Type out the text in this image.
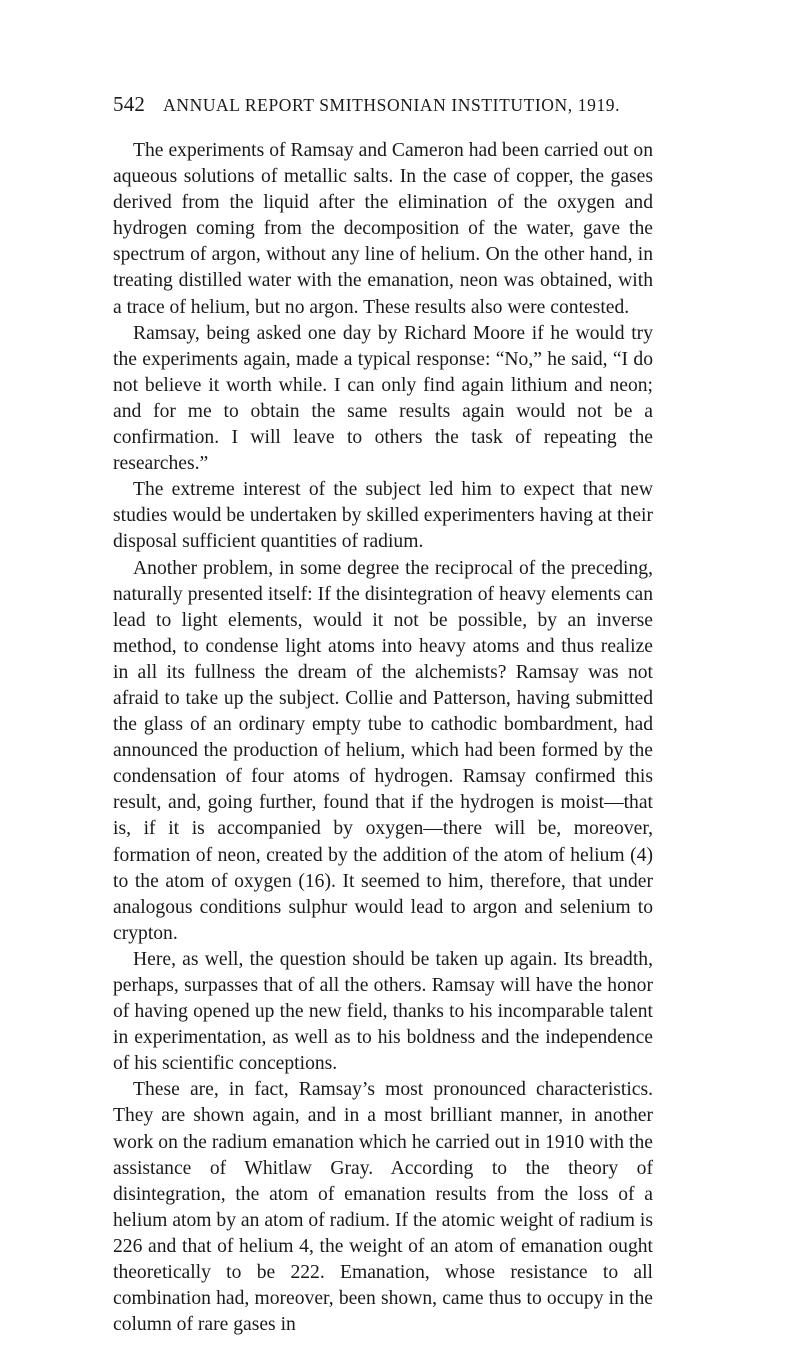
542 ANNUAL REPORT SMITHSONIAN INSTITUTION, 1919.

The experiments of Ramsay and Cameron had been carried out on aqueous solutions of metallic salts. In the case of copper, the gases derived from the liquid after the elimination of the oxygen and hydrogen coming from the decomposition of the water, gave the spectrum of argon, without any line of helium. On the other hand, in treating distilled water with the emanation, neon was obtained, with a trace of helium, but no argon. These results also were contested.

Ramsay, being asked one day by Richard Moore if he would try the experiments again, made a typical response: “No,” he said, “I do not believe it worth while. I can only find again lithium and neon; and for me to obtain the same results again would not be a confirmation. I will leave to others the task of repeating the researches.”

The extreme interest of the subject led him to expect that new studies would be undertaken by skilled experimenters having at their disposal sufficient quantities of radium.

Another problem, in some degree the reciprocal of the preceding, naturally presented itself: If the disintegration of heavy elements can lead to light elements, would it not be possible, by an inverse method, to condense light atoms into heavy atoms and thus realize in all its fullness the dream of the alchemists? Ramsay was not afraid to take up the subject. Collie and Patterson, having submitted the glass of an ordinary empty tube to cathodic bombardment, had announced the production of helium, which had been formed by the condensation of four atoms of hydrogen. Ramsay confirmed this result, and, going further, found that if the hydrogen is moist—that is, if it is accompanied by oxygen—there will be, moreover, formation of neon, created by the addition of the atom of helium (4) to the atom of oxygen (16). It seemed to him, therefore, that under analogous conditions sulphur would lead to argon and selenium to crypton.

Here, as well, the question should be taken up again. Its breadth, perhaps, surpasses that of all the others. Ramsay will have the honor of having opened up the new field, thanks to his incomparable talent in experimentation, as well as to his boldness and the independence of his scientific conceptions.

These are, in fact, Ramsay’s most pronounced characteristics. They are shown again, and in a most brilliant manner, in another work on the radium emanation which he carried out in 1910 with the assistance of Whitlaw Gray. According to the theory of disintegration, the atom of emanation results from the loss of a helium atom by an atom of radium. If the atomic weight of radium is 226 and that of helium 4, the weight of an atom of emanation ought theoretically to be 222. Emanation, whose resistance to all combination had, moreover, been shown, came thus to occupy in the column of rare gases in
